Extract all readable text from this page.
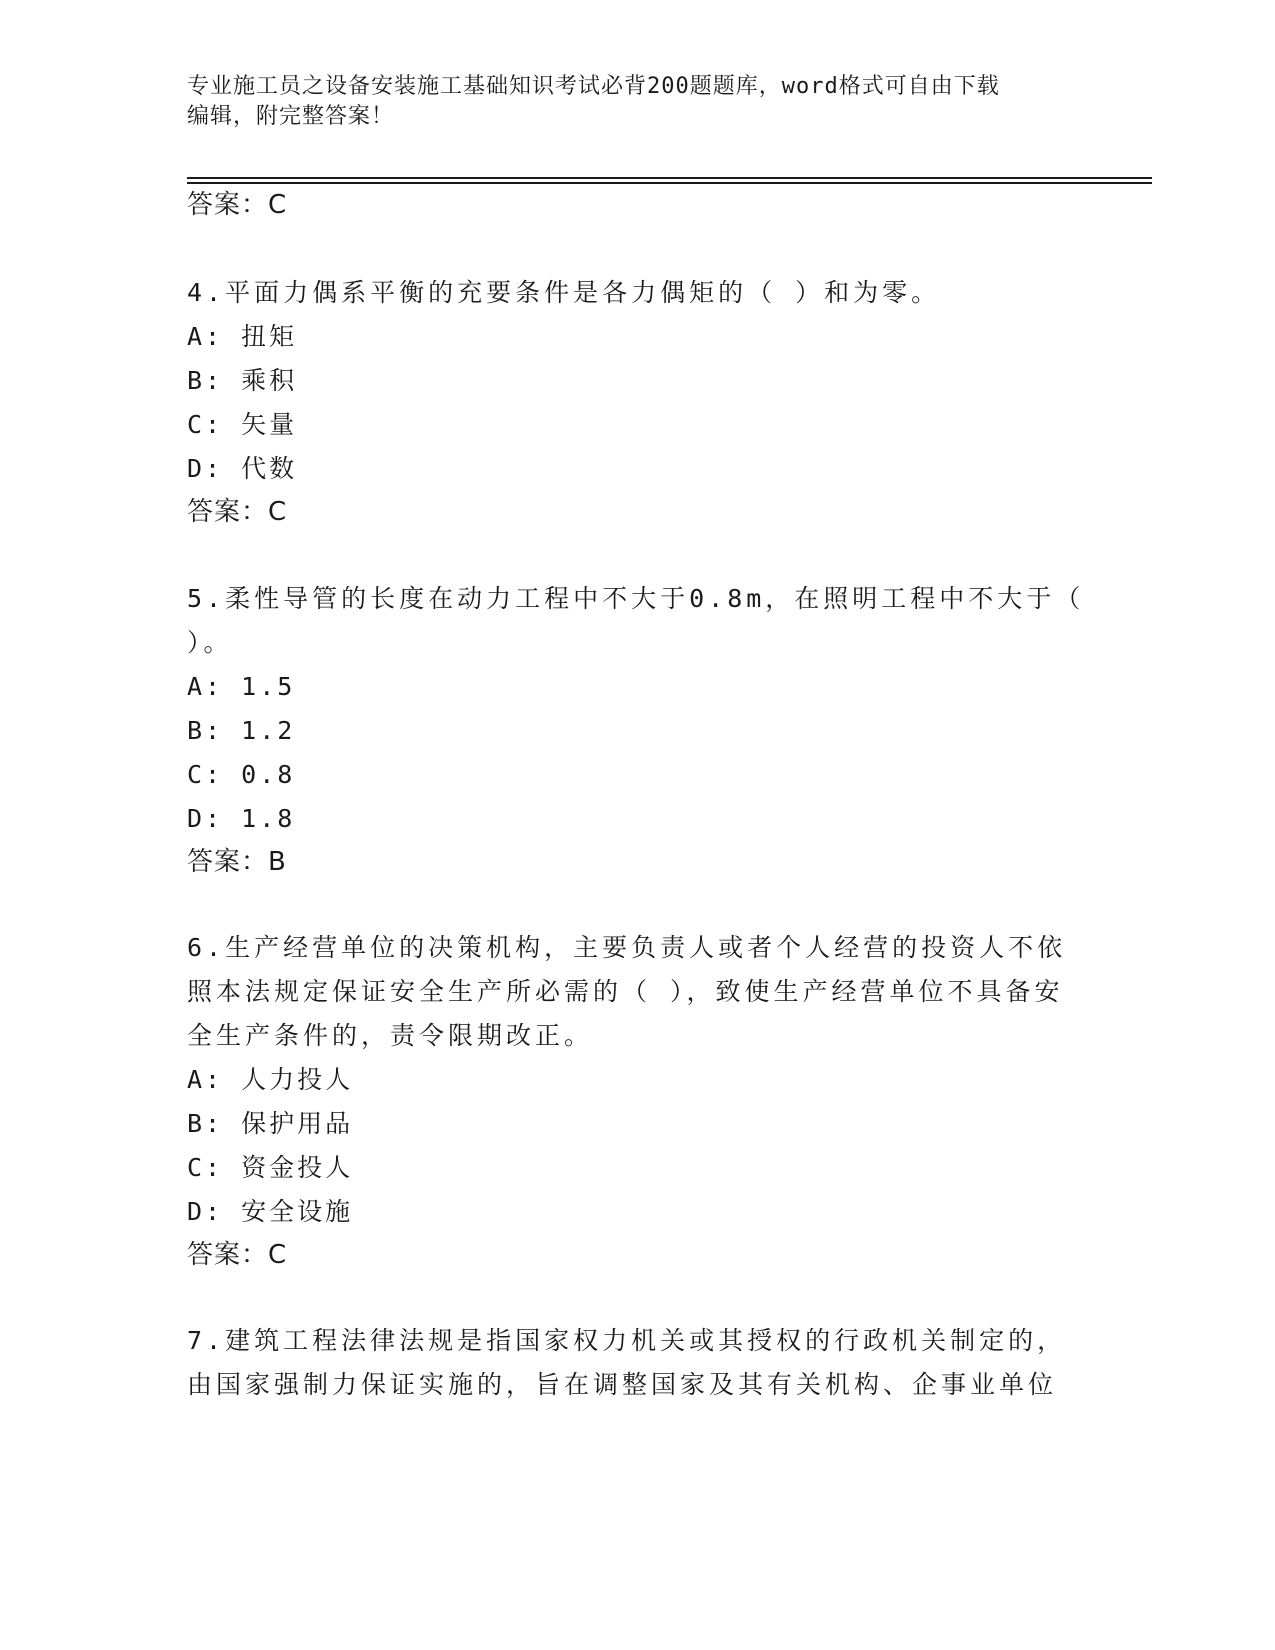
专业施工员之设备安装施工基础知识考试必背200题题库，word格式可自由下载
编辑，附完整答案！
答案：C
4.平面力偶系平衡的充要条件是各力偶矩的（ ）和为零。
A: 扭矩
B: 乘积
C: 矢量
D: 代数
答案：C
5.柔性导管的长度在动力工程中不大于0.8m，在照明工程中不大于（
）。
A: 1.5
B: 1.2
C: 0.8
D: 1.8
答案：B
6.生产经营单位的决策机构，主要负责人或者个人经营的投资人不依
照本法规定保证安全生产所必需的（ ），致使生产经营单位不具备安
全生产条件的，责令限期改正。
A: 人力投人
B: 保护用品
C: 资金投人
D: 安全设施
答案：C
7.建筑工程法律法规是指国家权力机关或其授权的行政机关制定的，
由国家强制力保证实施的，旨在调整国家及其有关机构、企事业单位
